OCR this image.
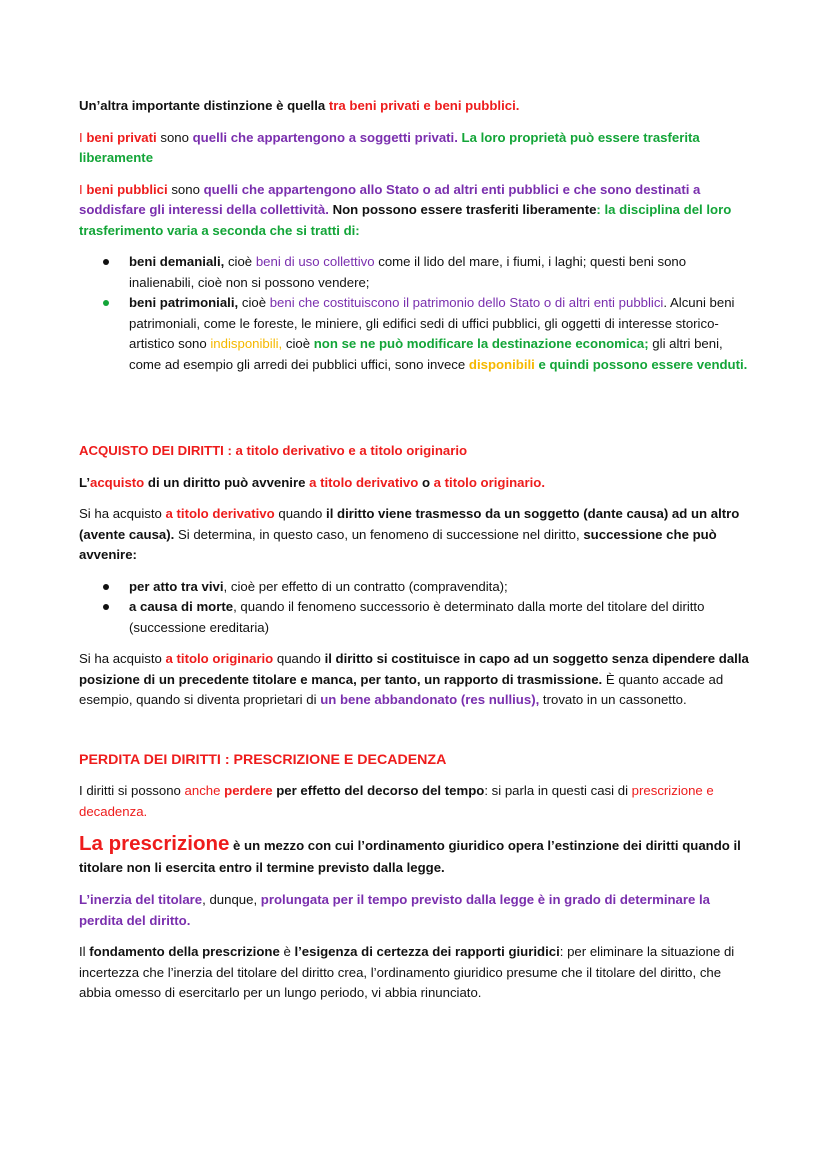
Un’altra importante distinzione è quella tra beni privati e beni pubblici.

I beni privati sono quelli che appartengono a soggetti privati. La loro proprietà può essere trasferita liberamente

I beni pubblici sono quelli che appartengono allo Stato o ad altri enti pubblici e che sono destinati a soddisfare gli interessi della collettività. Non possono essere trasferiti liberamente: la disciplina del loro trasferimento varia a seconda che si tratti di:

beni demaniali, cioè beni di uso collettivo come il lido del mare, i fiumi, i laghi; questi beni sono inalienabili, cioè non si possono vendere;
beni patrimoniali, cioè beni che costituiscono il patrimonio dello Stato o di altri enti pubblici. Alcuni beni patrimoniali, come le foreste, le miniere, gli edifici sedi di uffici pubblici, gli oggetti di interesse storico-artistico sono indisponibili, cioè non se ne può modificare la destinazione economica; gli altri beni, come ad esempio gli arredi dei pubblici uffici, sono invece disponibili e quindi possono essere venduti.

ACQUISTO DEI DIRITTI : a titolo derivativo e a titolo originario

L’acquisto di un diritto può avvenire a titolo derivativo o a titolo originario.

Si ha acquisto a titolo derivativo quando il diritto viene trasmesso da un soggetto (dante causa) ad un altro (avente causa). Si determina, in questo caso, un fenomeno di successione nel diritto, successione che può avvenire:

per atto tra vivi, cioè per effetto di un contratto (compravendita);
a causa di morte, quando il fenomeno successorio è determinato dalla morte del titolare del diritto (successione ereditaria)

Si ha acquisto a titolo originario quando il diritto si costituisce in capo ad un soggetto senza dipendere dalla posizione di un precedente titolare e manca, per tanto, un rapporto di trasmissione. È quanto accade ad esempio, quando si diventa proprietari di un bene abbandonato (res nullius), trovato in un cassonetto.

PERDITA DEI DIRITTI : PRESCRIZIONE E DECADENZA

I diritti si possono anche perdere per effetto del decorso del tempo: si parla in questi casi di prescrizione e decadenza.

La prescrizione è un mezzo con cui l’ordinamento giuridico opera l’estinzione dei diritti quando il titolare non li esercita entro il termine previsto dalla legge.

L’inerzia del titolare, dunque, prolungata per il tempo previsto dalla legge è in grado di determinare la perdita del diritto.

Il fondamento della prescrizione è l’esigenza di certezza dei rapporti giuridici: per eliminare la situazione di incertezza che l’inerzia del titolare del diritto crea, l’ordinamento giuridico presume che il titolare del diritto, che abbia omesso di esercitarlo per un lungo periodo, vi abbia rinunciato.
